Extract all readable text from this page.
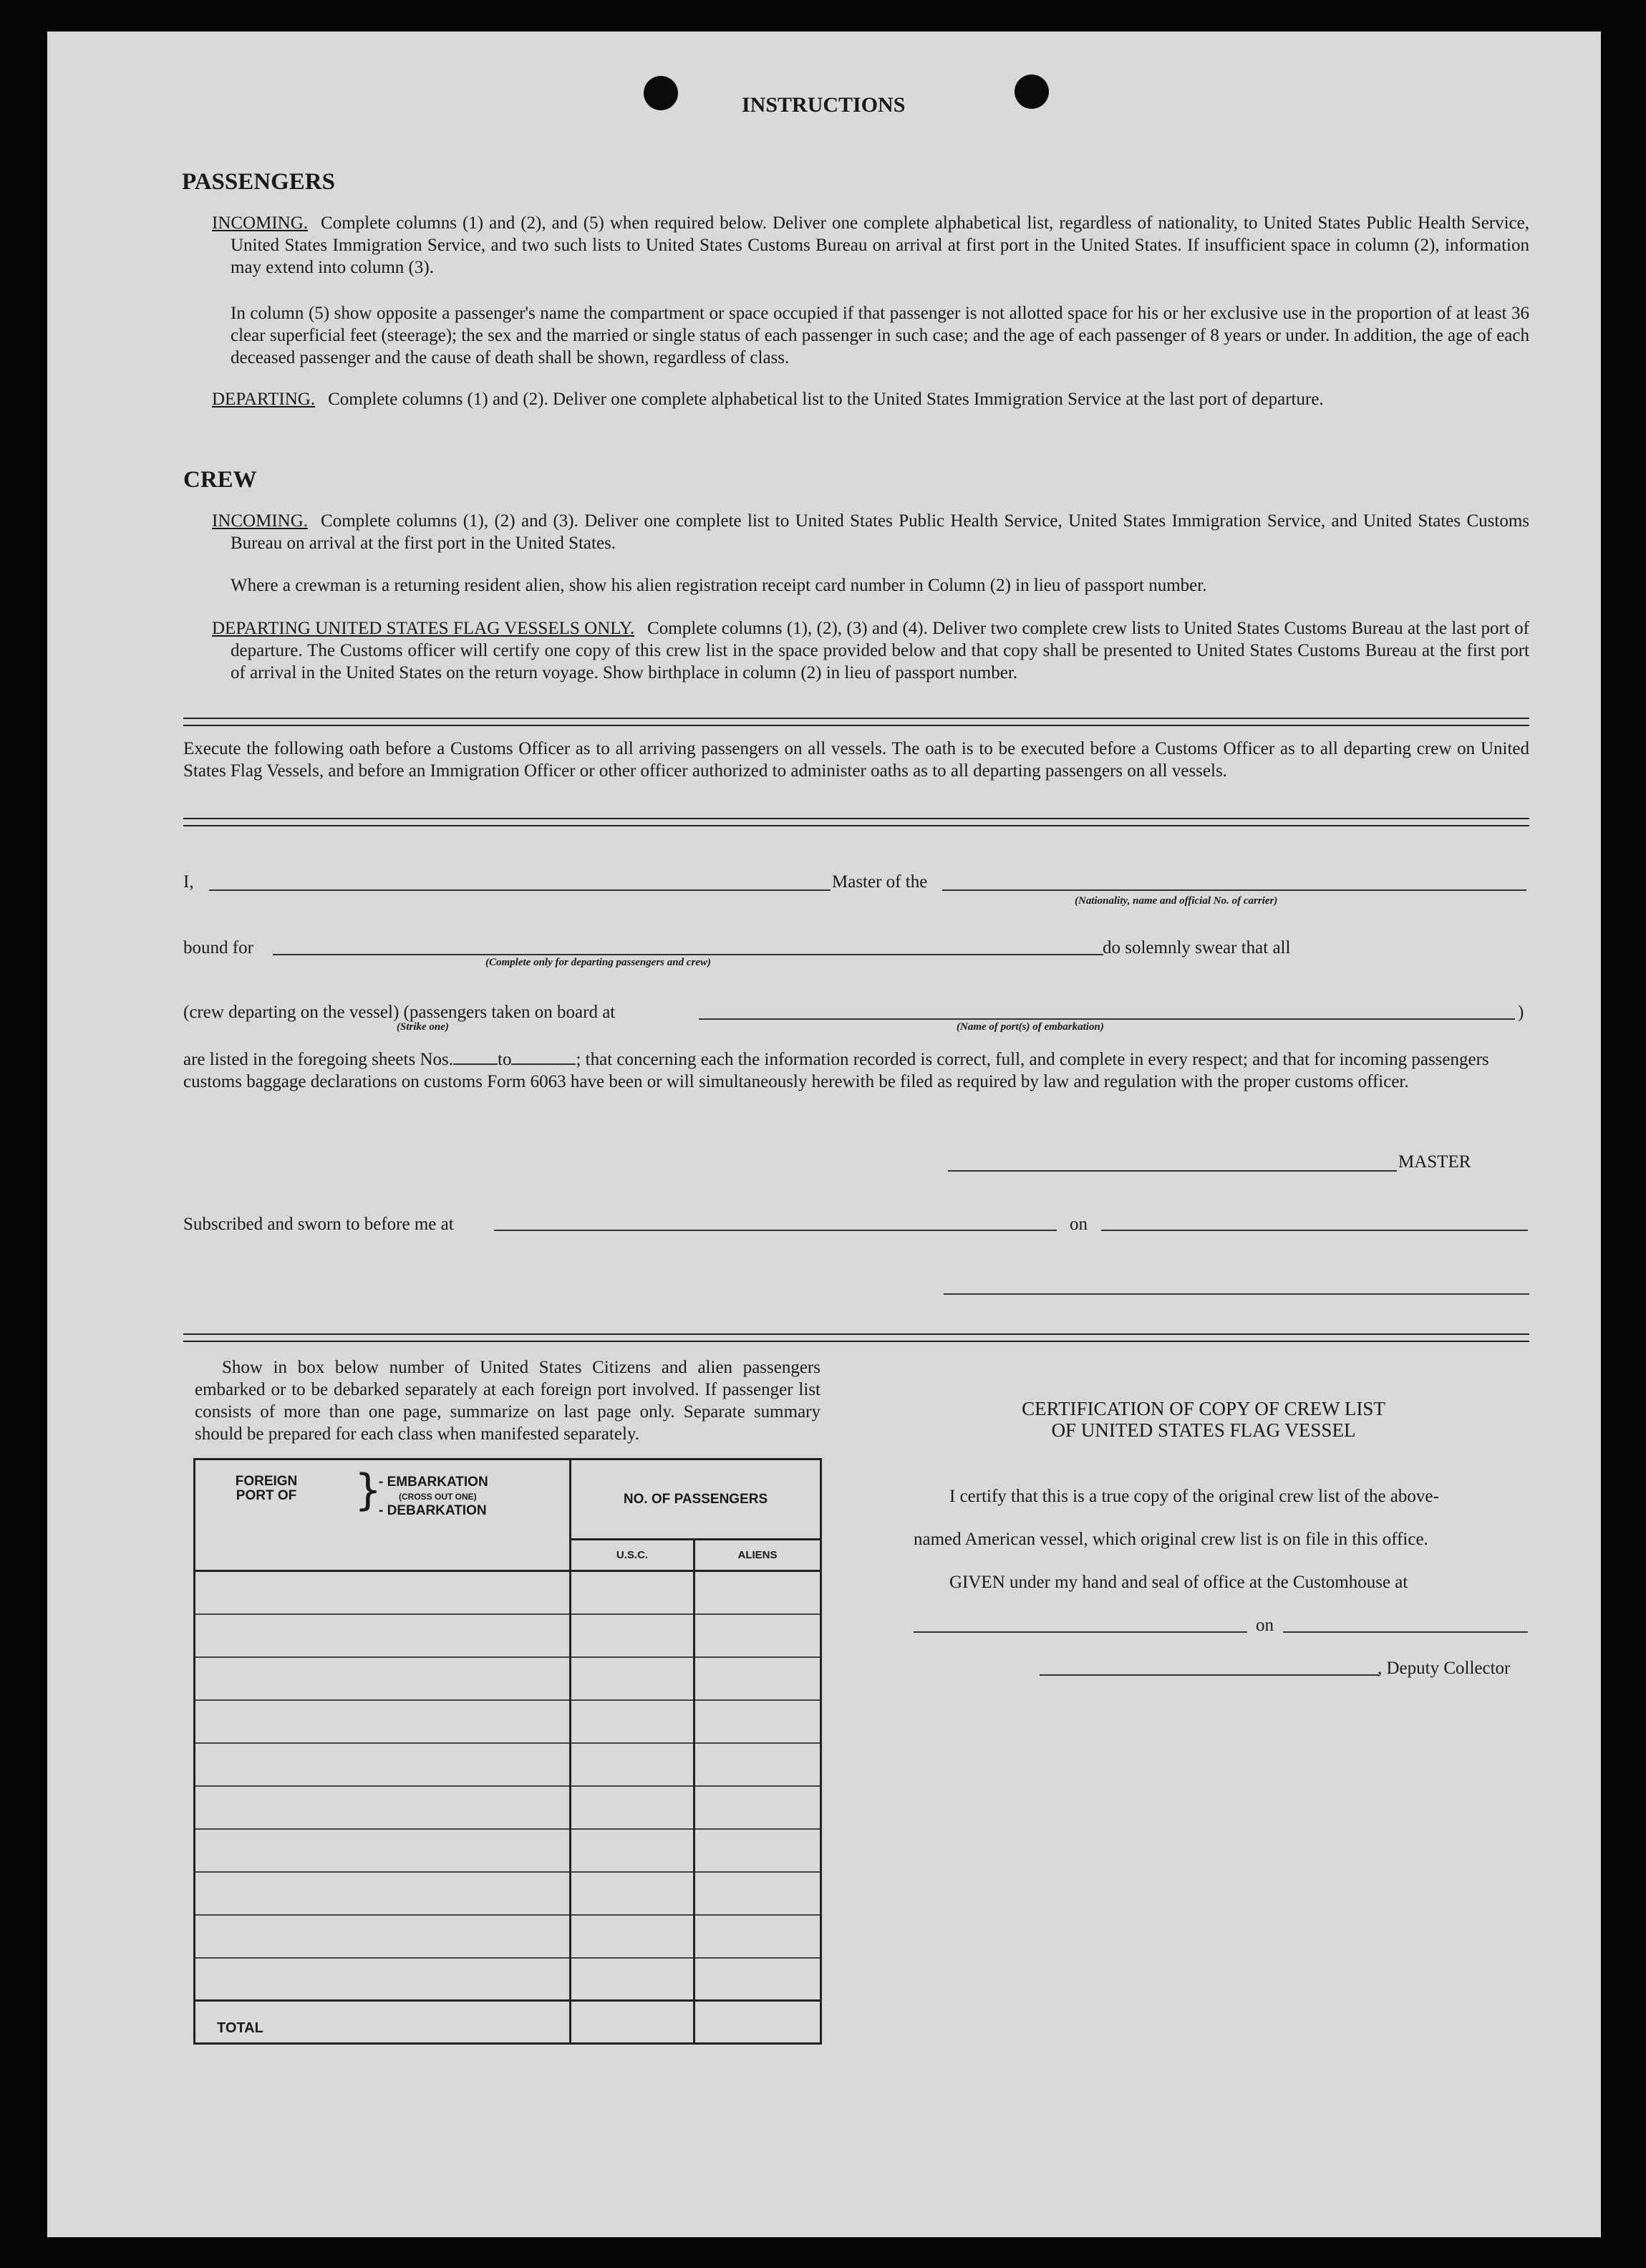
INSTRUCTIONS
PASSENGERS

INCOMING. Complete columns (1) and (2), and (5) when required below. Deliver one complete alphabetical list, regardless of nationality, to United States Public Health Service, United States Immigration Service, and two such lists to United States Customs Bureau on arrival at first port in the United States. If insufficient space in column (2), information may extend into column (3).

In column (5) show opposite a passenger's name the compartment or space occupied if that passenger is not allotted space for his or her exclusive use in the proportion of at least 36 clear superficial feet (steerage); the sex and the married or single status of each passenger in such case; and the age of each passenger of 8 years or under. In addition, the age of each deceased passenger and the cause of death shall be shown, regardless of class.

DEPARTING. Complete columns (1) and (2). Deliver one complete alphabetical list to the United States Immigration Service at the last port of departure.

CREW

INCOMING. Complete columns (1), (2) and (3). Deliver one complete list to United States Public Health Service, United States Immigration Service, and United States Customs Bureau on arrival at the first port in the United States.

Where a crewman is a returning resident alien, show his alien registration receipt card number in Column (2) in lieu of passport number.

DEPARTING UNITED STATES FLAG VESSELS ONLY. Complete columns (1), (2), (3) and (4). Deliver two complete crew lists to United States Customs Bureau at the last port of departure. The Customs officer will certify one copy of this crew list in the space provided below and that copy shall be presented to United States Customs Bureau at the first port of arrival in the United States on the return voyage. Show birthplace in column (2) in lieu of passport number.

Execute the following oath before a Customs Officer as to all arriving passengers on all vessels. The oath is to be executed before a Customs Officer as to all departing crew on United States Flag Vessels, and before an Immigration Officer or other officer authorized to administer oaths as to all departing passengers on all vessels.

I,	Master of the
(Nationality, name and official No. of carrier)
bound for
(Complete only for departing passengers and crew)
do solemnly swear that all
(crew departing on the vessel) (passengers taken on board at
(Strike one)
)
(Name of port(s) of embarkation)

are listed in the foregoing sheets Nos. to	; that concerning each the information recorded is correct, full, and complete in every respect; and that for incoming passengers customs baggage declarations on customs Form 6063 have been or will simultaneously herewith be filed as required by law and regulation with the proper customs officer.

MASTER
Subscribed and sworn to before me at	on

Show in box below number of United States Citizens and alien passengers embarked or to be debarked separately at each foreign port involved. If passenger list consists of more than one page, summarize on last page only. Separate summary should be prepared for each class when manifested separately.

FOREIGN PORT OF }
- EMBARKATION
(CROSS OUT ONE)
- DEBARKATION	NO. OF PASSENGERS	
	U.S.C.	ALIENS

TOTAL		
CERTIFICATION OF COPY OF CREW LIST
OF UNITED STATES FLAG VESSEL
I certify that this is a true copy of the original crew list of the above-
named American vessel, which original crew list is on file in this office.
GIVEN under my hand and seal of office at the Customhouse at
on
, Deputy Collector
